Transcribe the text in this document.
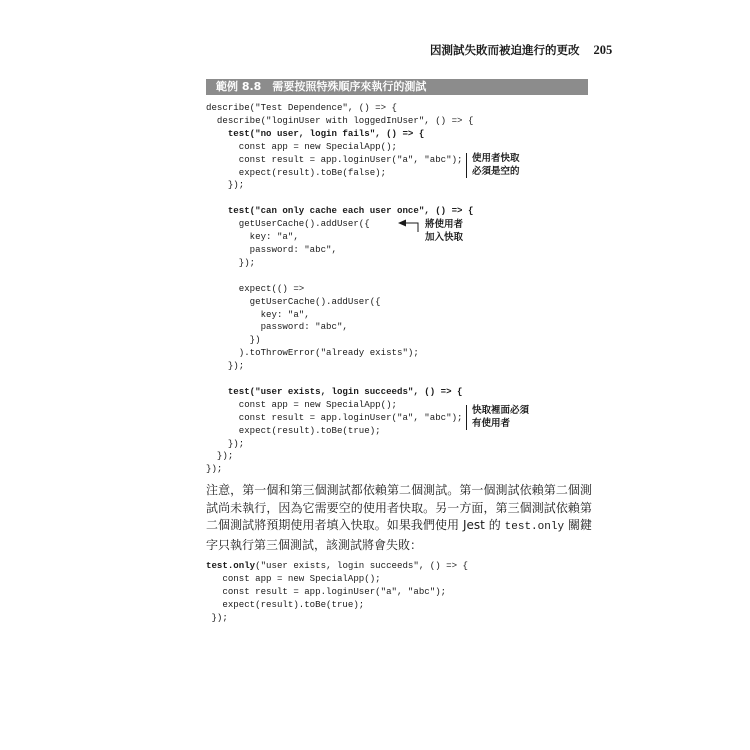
因測試失敗而被迫進行的更改 205
範例 8.8　需要按照特殊順序來執行的測試
describe("Test Dependence", () => {
describe("loginUser with loggedInUser", () => {
test("no user, login fails", () => {
const app = new SpecialApp();
const result = app.loginUser("a", "abc");
expect(result).toBe(false);
});

test("can only cache each user once", () => {
getUserCache().addUser({
key: "a",
password: "abc",
});

expect(() =>
getUserCache().addUser({
key: "a",
password: "abc",
})
).toThrowError("already exists");
});

test("user exists, login succeeds", () => {
const app = new SpecialApp();
const result = app.loginUser("a", "abc");
expect(result).toBe(true);
});
});
});
使用者快取
必須是空的
將使用者
加入快取
快取裡面必須
有使用者
注意，第一個和第三個測試都依賴第二個測試。第一個測試依賴第二個測試尚未執行，因為它需要空的使用者快取。另一方面，第三個測試依賴第二個測試將預期使用者填入快取。如果我們使用 Jest 的 test.only 關鍵字只執行第三個測試，該測試將會失敗：
test.only("user exists, login succeeds", () => {
const app = new SpecialApp();
const result = app.loginUser("a", "abc");
expect(result).toBe(true);
});
